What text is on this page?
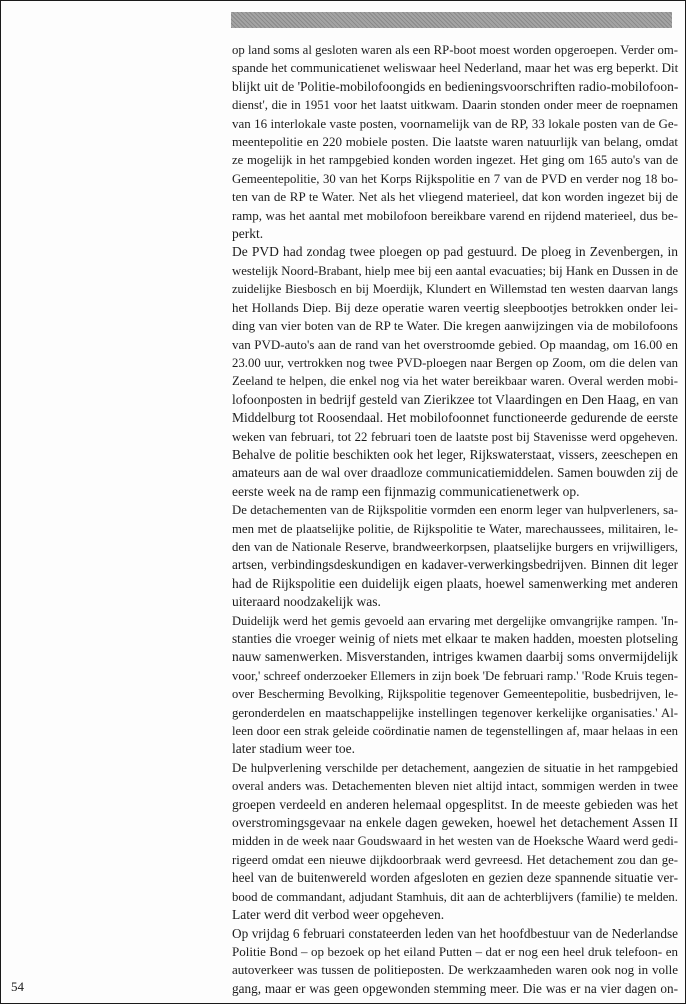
op land soms al gesloten waren als een RP-boot moest worden opgeroepen. Verder om-
spande het communicatienet weliswaar heel Nederland, maar het was erg beperkt. Dit
blijkt uit de 'Politie-mobilofoongids en bedieningsvoorschriften radio-mobilofoon-
dienst', die in 1951 voor het laatst uitkwam. Daarin stonden onder meer de roepnamen
van 16 interlokale vaste posten, voornamelijk van de RP, 33 lokale posten van de Ge-
meentepolitie en 220 mobiele posten. Die laatste waren natuurlijk van belang, omdat
ze mogelijk in het rampgebied konden worden ingezet. Het ging om 165 auto's van de
Gemeentepolitie, 30 van het Korps Rijkspolitie en 7 van de PVD en verder nog 18 bo-
ten van de RP te Water. Net als het vliegend materieel, dat kon worden ingezet bij de
ramp, was het aantal met mobilofoon bereikbare varend en rijdend materieel, dus be-
perkt.
De PVD had zondag twee ploegen op pad gestuurd. De ploeg in Zevenbergen, in
westelijk Noord-Brabant, hielp mee bij een aantal evacuaties; bij Hank en Dussen in de
zuidelijke Biesbosch en bij Moerdijk, Klundert en Willemstad ten westen daarvan langs
het Hollands Diep. Bij deze operatie waren veertig sleepbootjes betrokken onder lei-
ding van vier boten van de RP te Water. Die kregen aanwijzingen via de mobilofoons
van PVD-auto's aan de rand van het overstroomde gebied. Op maandag, om 16.00 en
23.00 uur, vertrokken nog twee PVD-ploegen naar Bergen op Zoom, om die delen van
Zeeland te helpen, die enkel nog via het water bereikbaar waren. Overal werden mobi-
lofoonposten in bedrijf gesteld van Zierikzee tot Vlaardingen en Den Haag, en van
Middelburg tot Roosendaal. Het mobilofoonnet functioneerde gedurende de eerste
weken van februari, tot 22 februari toen de laatste post bij Stavenisse werd opgeheven.
Behalve de politie beschikten ook het leger, Rijkswaterstaat, vissers, zeeschepen en
amateurs aan de wal over draadloze communicatiemiddelen. Samen bouwden zij de
eerste week na de ramp een fijnmazig communicatienetwerk op.
De detachementen van de Rijkspolitie vormden een enorm leger van hulpverleners, sa-
men met de plaatselijke politie, de Rijkspolitie te Water, marechaussees, militairen, le-
den van de Nationale Reserve, brandweerkorpsen, plaatselijke burgers en vrijwilligers,
artsen, verbindingsdeskundigen en kadaver-verwerkingsbedrijven. Binnen dit leger
had de Rijkspolitie een duidelijk eigen plaats, hoewel samenwerking met anderen
uiteraard noodzakelijk was.
Duidelijk werd het gemis gevoeld aan ervaring met dergelijke omvangrijke rampen. 'In-
stanties die vroeger weinig of niets met elkaar te maken hadden, moesten plotseling
nauw samenwerken. Misverstanden, intriges kwamen daarbij soms onvermijdelijk
voor,' schreef onderzoeker Ellemers in zijn boek 'De februari ramp.' 'Rode Kruis tegen-
over Bescherming Bevolking, Rijkspolitie tegenover Gemeentepolitie, busbedrijven, le-
geronderdelen en maatschappelijke instellingen tegenover kerkelijke organisaties.' Al-
leen door een strak geleide coördinatie namen de tegenstellingen af, maar helaas in een
later stadium weer toe.
De hulpverlening verschilde per detachement, aangezien de situatie in het rampgebied
overal anders was. Detachementen bleven niet altijd intact, sommigen werden in twee
groepen verdeeld en anderen helemaal opgesplitst. In de meeste gebieden was het
overstromingsgevaar na enkele dagen geweken, hoewel het detachement Assen II
midden in de week naar Goudswaard in het westen van de Hoeksche Waard werd gedi-
rigeerd omdat een nieuwe dijkdoorbraak werd gevreesd. Het detachement zou dan ge-
heel van de buitenwereld worden afgesloten en gezien deze spannende situatie ver-
bood de commandant, adjudant Stamhuis, dit aan de achterblijvers (familie) te melden.
Later werd dit verbod weer opgeheven.
Op vrijdag 6 februari constateerden leden van het hoofdbestuur van de Nederlandse
Politie Bond – op bezoek op het eiland Putten – dat er nog een heel druk telefoon- en
autoverkeer was tussen de politieposten. De werkzaamheden waren ook nog in volle
gang, maar er was geen opgewonden stemming meer. Die was er na vier dagen on-
54
